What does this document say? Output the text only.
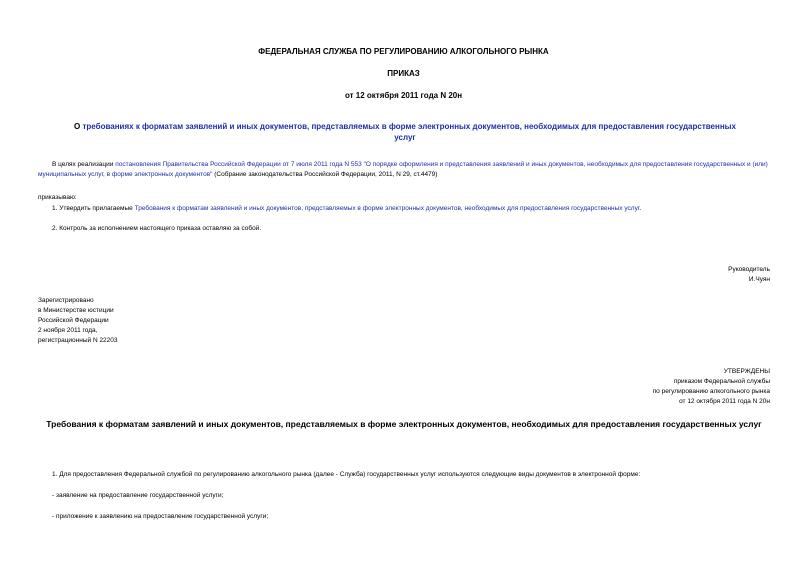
ФЕДЕРАЛЬНАЯ СЛУЖБА ПО РЕГУЛИРОВАНИЮ АЛКОГОЛЬНОГО РЫНКА
ПРИКАЗ
от 12 октября 2011 года N 20н
О требованиях к форматам заявлений и иных документов, представляемых в форме электронных документов, необходимых для предоставления государственных услуг
В целях реализации постановления Правительства Российской Федерации от 7 июля 2011 года N 553 "О порядке оформления и представления заявлений и иных документов, необходимых для предоставления государственных и (или) муниципальных услуг, в форме электронных документов" (Собрание законодательства Российской Федерации, 2011, N 29, ст.4479)
приказываю:
1. Утвердить прилагаемые Требования к форматам заявлений и иных документов, представляемых в форме электронных документов, необходимых для предоставления государственных услуг.
2. Контроль за исполнением настоящего приказа оставляю за собой.
Руководитель
И.Чуян
Зарегистрировано
в Министерстве юстиции
Российской Федерации
2 ноября 2011 года,
регистрационный N 22203
УТВЕРЖДЕНЫ
приказом Федеральной службы
по регулированию алкогольного рынка
от 12 октября 2011 года N 20н
Требования к форматам заявлений и иных документов, представляемых в форме электронных документов, необходимых для предоставления государственных услуг
1. Для предоставления Федеральной службой по регулированию алкогольного рынка (далее - Служба) государственных услуг используются следующие виды документов в электронной форме:
- заявление на предоставление государственной услуги;
- приложение к заявлению на предоставление государственной услуги;
